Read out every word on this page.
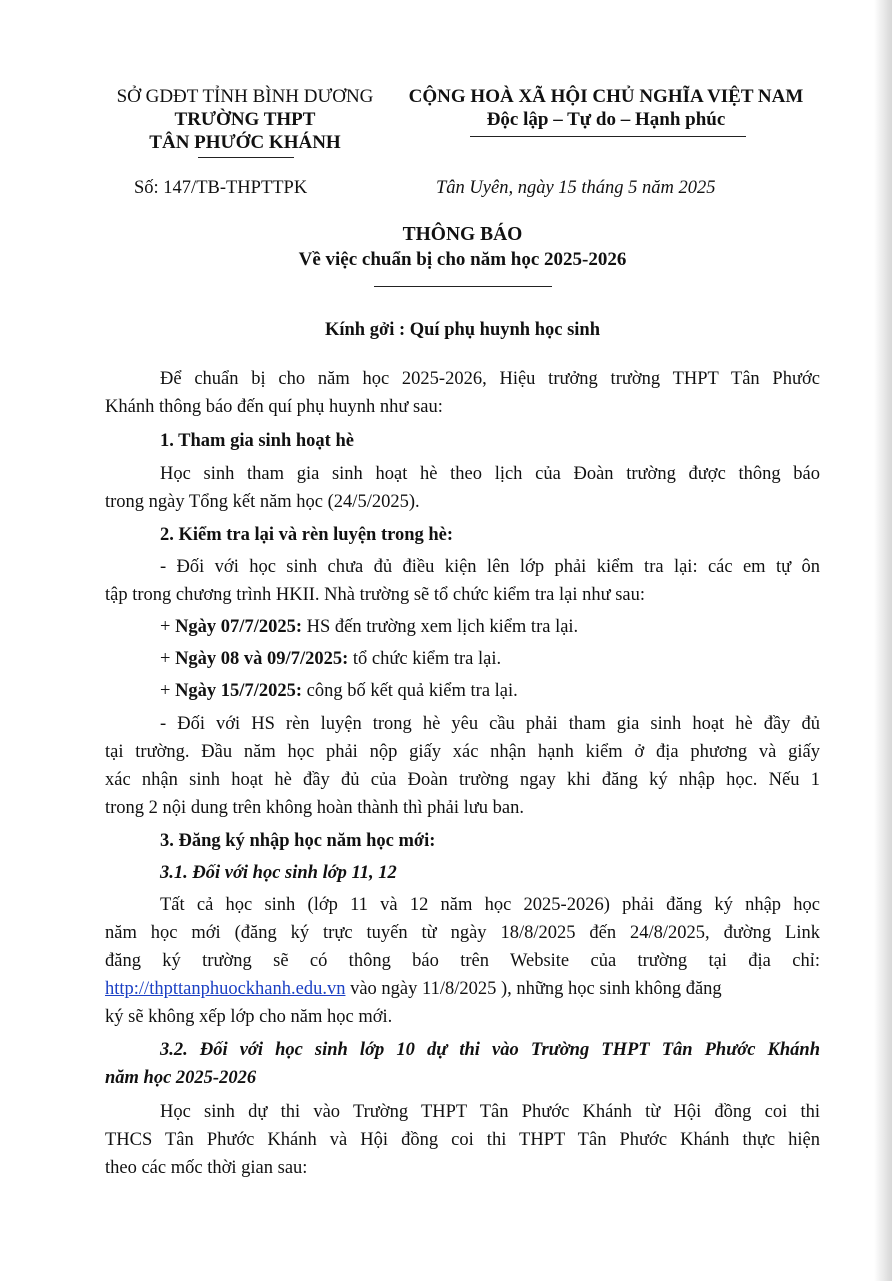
SỞ GDĐT TỈNH BÌNH DƯƠNG
TRƯỜNG THPT
TÂN PHƯỚC KHÁNH
CỘNG HOÀ XÃ HỘI CHỦ NGHĨA VIỆT NAM
Độc lập – Tự do – Hạnh phúc
Số: 147/TB-THPTTPK	Tân Uyên, ngày 15 tháng 5 năm 2025
THÔNG BÁO
Về việc chuẩn bị cho năm học 2025-2026
Kính gởi : Quí phụ huynh học sinh
Để chuẩn bị cho năm học 2025-2026, Hiệu trưởng trường THPT Tân Phước
Khánh thông báo đến quí phụ huynh như sau:
1. Tham gia sinh hoạt hè
Học sinh tham gia sinh hoạt hè theo lịch của Đoàn trường được thông báo
trong ngày Tổng kết năm học (24/5/2025).
2. Kiểm tra lại và rèn luyện trong hè:
- Đối với học sinh chưa đủ điều kiện lên lớp phải kiểm tra lại: các em tự ôn
tập trong chương trình HKII. Nhà trường sẽ tổ chức kiểm tra lại như sau:
+ Ngày 07/7/2025: HS đến trường xem lịch kiểm tra lại.
+ Ngày 08 và 09/7/2025: tổ chức kiểm tra lại.
+ Ngày 15/7/2025: công bố kết quả kiểm tra lại.
- Đối với HS rèn luyện trong hè yêu cầu phải tham gia sinh hoạt hè đầy đủ
tại trường. Đầu năm học phải nộp giấy xác nhận hạnh kiểm ở địa phương và giấy
xác nhận sinh hoạt hè đầy đủ của Đoàn trường ngay khi đăng ký nhập học. Nếu 1
trong 2 nội dung trên không hoàn thành thì phải lưu ban.
3. Đăng ký nhập học năm học mới:
3.1. Đối với học sinh lớp 11, 12
Tất cả học sinh (lớp 11 và 12 năm học 2025-2026) phải đăng ký nhập học
năm học mới (đăng ký trực tuyến từ ngày 18/8/2025 đến 24/8/2025, đường Link
đăng ký trường sẽ có thông báo trên Website của trường tại địa chỉ:
http://thpttanphuockhanh.edu.vn vào ngày 11/8/2025 ), những học sinh không đăng
ký sẽ không xếp lớp cho năm học mới.
3.2. Đối với học sinh lớp 10 dự thi vào Trường THPT Tân Phước Khánh
năm học 2025-2026
Học sinh dự thi vào Trường THPT Tân Phước Khánh từ Hội đồng coi thi
THCS Tân Phước Khánh và Hội đồng coi thi THPT Tân Phước Khánh thực hiện
theo các mốc thời gian sau:
